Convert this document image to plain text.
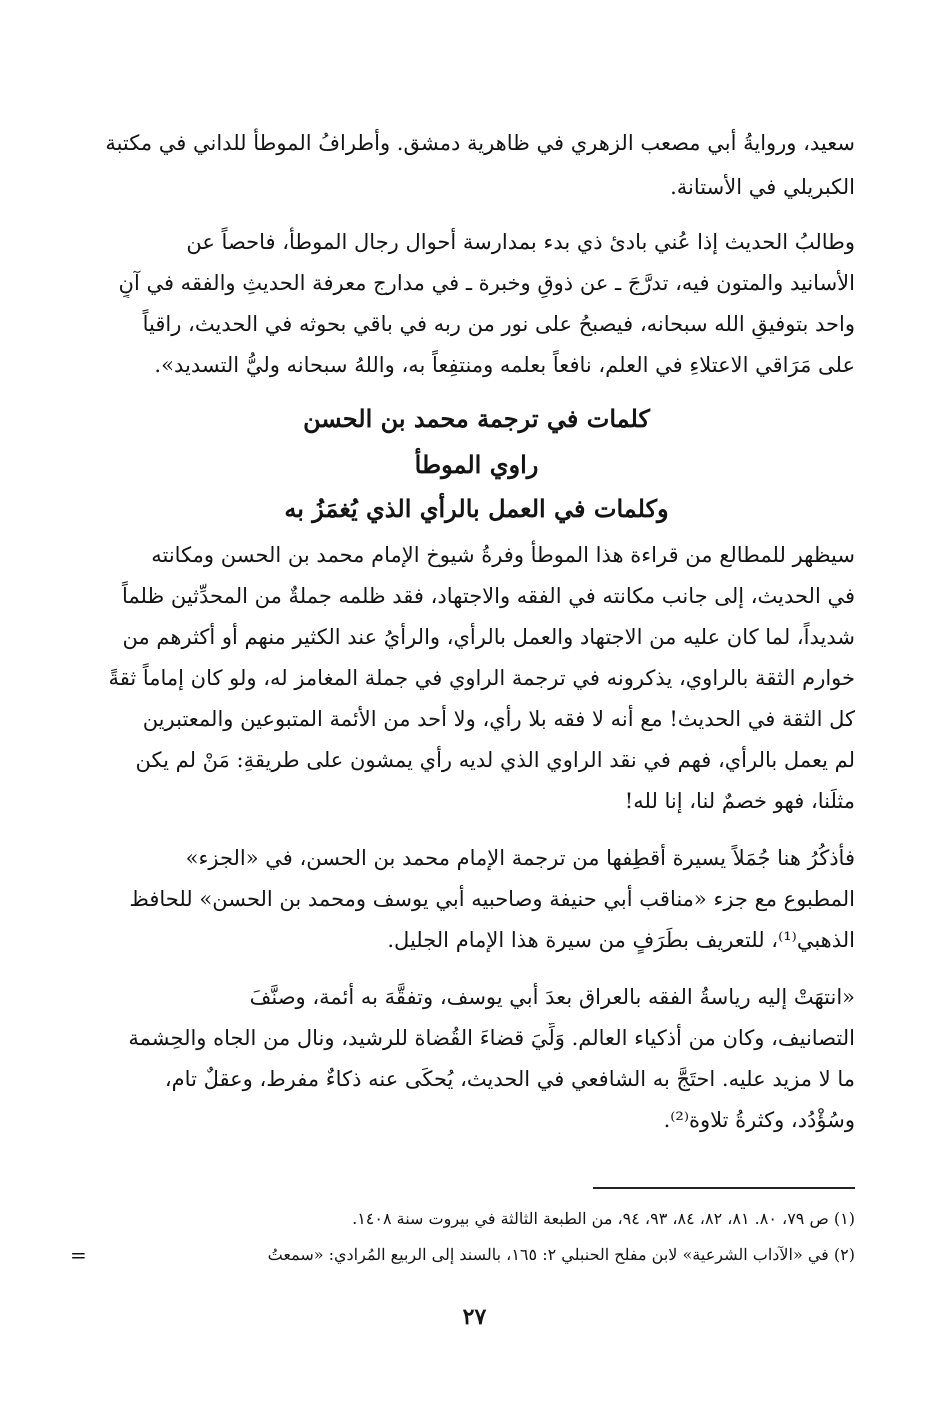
سعيد، وروايةُ أبي مصعب الزهري في ظاهرية دمشق. وأطرافُ الموطأ للداني في مكتبة
الكبريلي في الأستانة.
وطالبُ الحديث إذا عُني بادئ ذي بدء بمدارسة أحوال رجال الموطأ، فاحصاً عن
الأسانيد والمتون فيه، تدرَّجَ ـ عن ذوقٍ وخبرة ـ في مدارج معرفة الحديثِ والفقه في آنٍ
واحد بتوفيقِ الله سبحانه، فيصبحُ على نور من ربه في باقي بحوثه في الحديث، راقياً
على مَرَاقي الاعتلاءِ في العلم، نافعاً بعلمه ومنتفِعاً به، واللهُ سبحانه وليُّ التسديد».
كلمات في ترجمة محمد بن الحسن
راوي الموطأ
وكلمات في العمل بالرأي الذي يُغمَزُ به
سيظهر للمطالع من قراءة هذا الموطأ وفرةُ شيوخ الإمام محمد بن الحسن ومكانته
في الحديث، إلى جانب مكانته في الفقه والاجتهاد، فقد ظلمه جملةٌ من المحدِّثين ظلماً
شديداً، لما كان عليه من الاجتهاد والعمل بالرأي، والرأيُ عند الكثير منهم أو أكثرهم من
خوارم الثقة بالراوي، يذكرونه في ترجمة الراوي في جملة المغامز له، ولو كان إماماً ثقةً
كل الثقة في الحديث! مع أنه لا فقه بلا رأي، ولا أحد من الأئمة المتبوعين والمعتبرين
لم يعمل بالرأي، فهم في نقد الراوي الذي لديه رأي يمشون على طريقةِ: مَنْ لم يكن
مثلَنا، فهو خصمٌ لنا، إنا لله!
فأذكُرُ هنا جُمَلاً يسيرة أقطِفها من ترجمة الإمام محمد بن الحسن، في «الجزء»
المطبوع مع جزء «مناقب أبي حنيفة وصاحبيه أبي يوسف ومحمد بن الحسن» للحافظ
الذهبي⁽¹⁾، للتعريف بطَرَفٍ من سيرة هذا الإمام الجليل.
«انتهَتْ إليه رياسةُ الفقه بالعراق بعدَ أبي يوسف، وتفقَّهَ به أئمة، وصنَّفَ
التصانيف، وكان من أذكياء العالم. وَلِّيَ قضاءَ القُضاة للرشيد، ونال من الجاه والحِشمة
ما لا مزيد عليه. احتَجَّ به الشافعي في الحديث، يُحكَى عنه ذكاءٌ مفرط، وعقلٌ تام،
وسُؤْدُد، وكثرةُ تلاوة⁽²⁾.
(١) ص ٧٩، ٨٠. ٨١، ٨٢، ٨٤، ٩٣، ٩٤، من الطبعة الثالثة في بيروت سنة ١٤٠٨.
(٢) في «الآداب الشرعية» لابن مفلح الحنبلي ٢: ١٦٥، بالسند إلى الربيع المُرادي: «سمعتُ
=
٢٧
